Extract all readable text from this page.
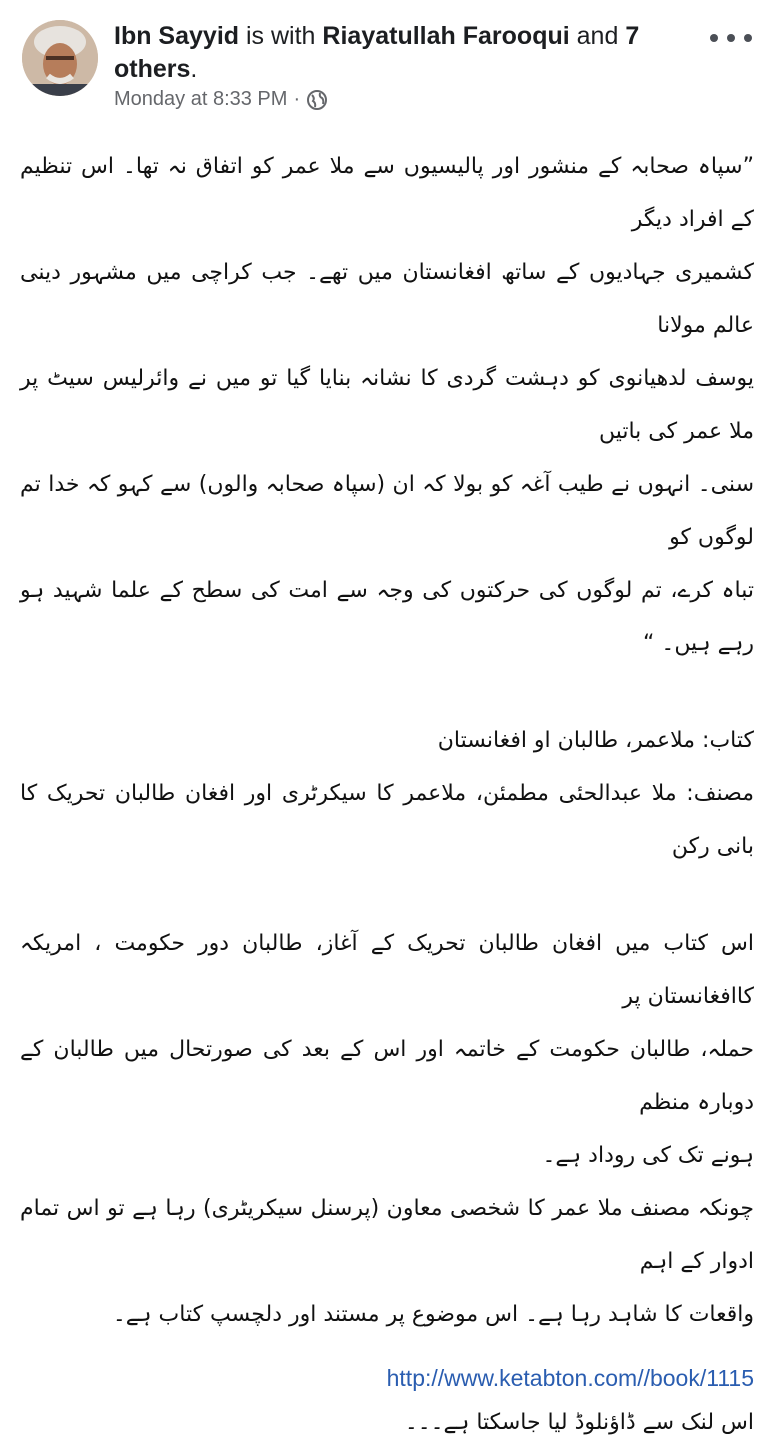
Ibn Sayyid is with Riayatullah Farooqui and 7 others.
Monday at 8:33 PM ·

”سپاہ صحابہ کے منشور اور پالیسیوں سے ملا عمر کو اتفاق نہ تھا۔ اس تنظیم کے افراد دیگر

کشمیری جہادیوں کے ساتھ افغانستان میں تھے۔ جب کراچی میں مشہور دینی عالم مولانا

یوسف لدھیانوی کو دہشت گردی کا نشانہ بنایا گیا تو میں نے وائرلیس سیٹ پر ملا عمر کی باتیں

سنی۔ انہوں نے طیب آغہ کو بولا کہ ان (سپاہ صحابہ والوں) سے کہو کہ خدا تم لوگوں کو

تباہ کرے، تم لوگوں کی حرکتوں کی وجہ سے امت کی سطح کے علما شہید ہو رہے ہیں۔ “

کتاب: ملاعمر، طالبان او افغانستان

مصنف: ملا عبدالحئی مطمئن، ملاعمر کا سیکرٹری اور افغان طالبان تحریک کا بانی رکن

اس کتاب میں افغان طالبان تحریک کے آغاز، طالبان دور حکومت ، امریکہ کاافغانستان پر

حملہ، طالبان حکومت کے خاتمہ اور اس کے بعد کی صورتحال میں طالبان کے دوبارہ منظم

ہونے تک کی روداد ہے۔

چونکہ مصنف ملا عمر کا شخصی معاون (پرسنل سیکریٹری) رہا ہے تو اس تمام ادوار کے اہم

واقعات کا شاہد رہا ہے۔ اس موضوع پر مستند اور دلچسپ کتاب ہے۔

http://www.ketabton.com//book/1115

اس لنک سے ڈاؤنلوڈ لیا جاسکتا ہے۔۔۔
